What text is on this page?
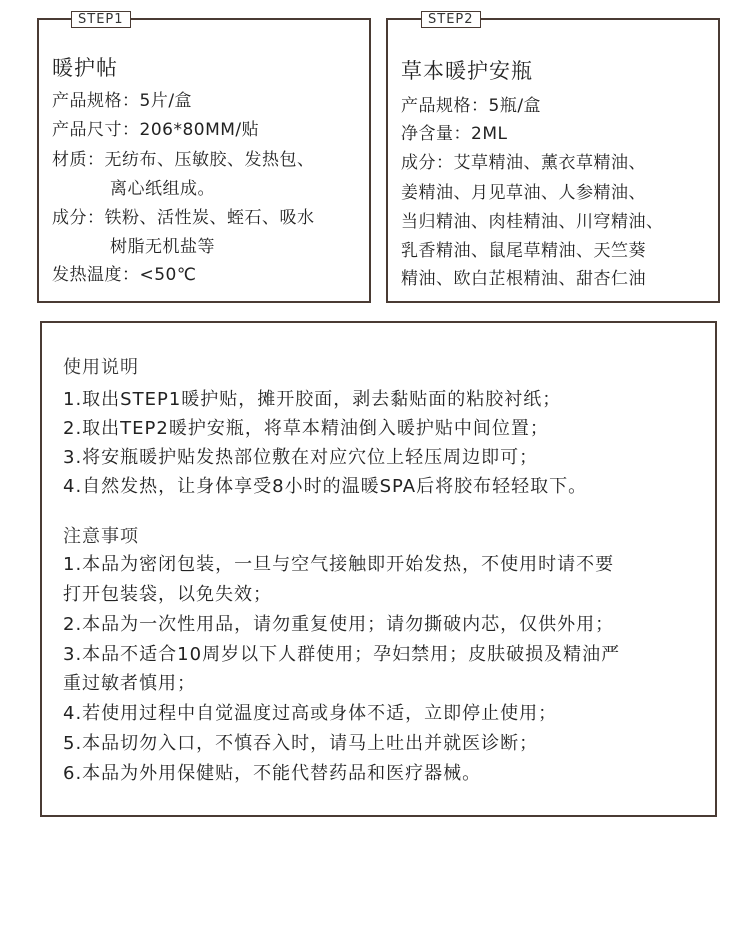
STEP1
暖护帖
产品规格：5片/盒
产品尺寸：206*80MM/贴
材质：无纺布、压敏胶、发热包、
离心纸组成。
成分：铁粉、活性炭、蛭石、吸水
树脂无机盐等
发热温度：<50℃
STEP2
草本暖护安瓶
产品规格：5瓶/盒
净含量：2ML
成分：艾草精油、薰衣草精油、
姜精油、月见草油、人参精油、
当归精油、肉桂精油、川穹精油、
乳香精油、鼠尾草精油、天竺葵
精油、欧白芷根精油、甜杏仁油
使用说明
1.取出STEP1暖护贴，摊开胶面，剥去黏贴面的粘胶衬纸；
2.取出TEP2暖护安瓶，将草本精油倒入暖护贴中间位置；
3.将安瓶暖护贴发热部位敷在对应穴位上轻压周边即可；
4.自然发热，让身体享受8小时的温暖SPA后将胶布轻轻取下。
注意事项
1.本品为密闭包装，一旦与空气接触即开始发热，不使用时请不要
打开包装袋，以免失效；
2.本品为一次性用品，请勿重复使用；请勿撕破内芯，仅供外用；
3.本品不适合10周岁以下人群使用；孕妇禁用；皮肤破损及精油严
重过敏者慎用；
4.若使用过程中自觉温度过高或身体不适，立即停止使用；
5.本品切勿入口，不慎吞入时，请马上吐出并就医诊断；
6.本品为外用保健贴，不能代替药品和医疗器械。
